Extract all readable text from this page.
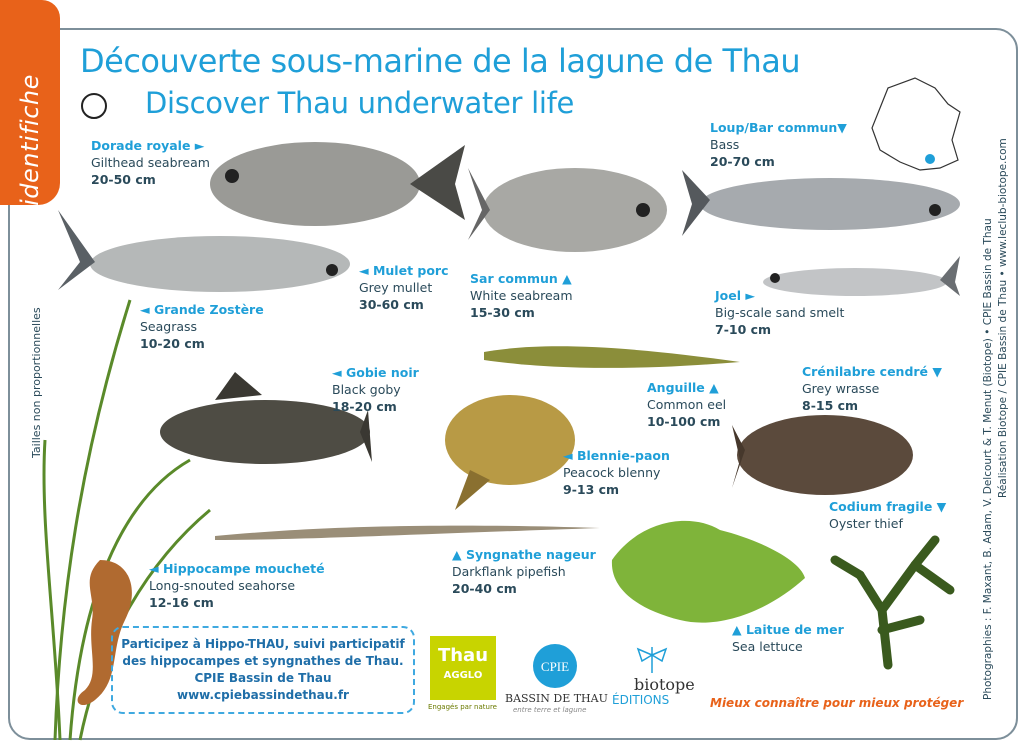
identifiche
Découverte sous-marine de la lagune de Thau
Discover Thau underwater life
Dorade royale ►
Gilthead seabream
20-50 cm
◄ Grande Zostère
Seagrass
10-20 cm
◄ Mulet porc
Grey mullet
30-60 cm
Sar commun ▲
White seabream
15-30 cm
Loup/Bar commun▼
Bass
20-70 cm
Joel ►
Big-scale sand smelt
7-10 cm
◄ Gobie noir
Black goby
18-20 cm
Anguille ▲
Common eel
10-100 cm
Crénilabre cendré ▼
Grey wrasse
8-15 cm
◄ Blennie-paon
Peacock blenny
9-13 cm
Codium fragile ▼
Oyster thief
◄ Hippocampe moucheté
Long-snouted seahorse
12-16 cm
▲ Syngnathe nageur
Darkflank pipefish
20-40 cm
▲ Laitue de mer
Sea lettuce
Tailles non proportionnelles	Photographies : F. Maxant, B. Adam, V. Delcourt & T. Menut (Biotope) • CPIE Bassin de Thau Réalisation Biotope / CPIE Bassin de Thau • www.leclub-biotope.com
Participez à Hippo-THAU, suivi participatif
des hippocampes et syngnathes de Thau.
CPIE Bassin de Thau
www.cpiebassindethau.fr
Thau
AGGLO
Engagés par nature
CPIE
BASSIN DE THAU
entre terre et lagune
biotope
ÉDITIONS	Mieux connaître pour mieux protéger
